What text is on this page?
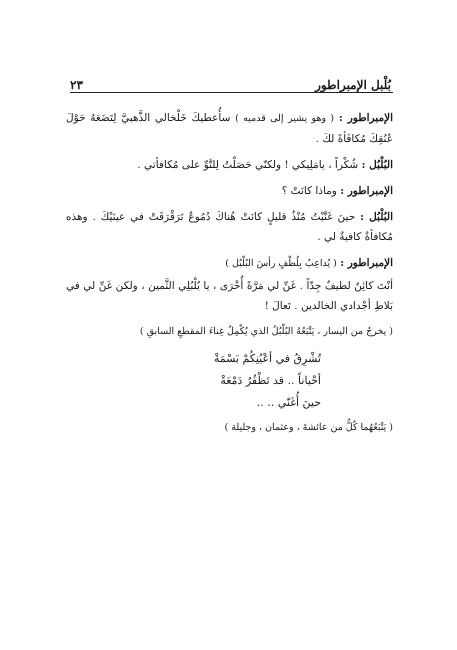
بُلْبل الإمبراطور
٢٣

الإمبراطور : ( وهو يشير إلى قدميه ) سأُعطيكَ خَلْخالي الذَّهبيَّ لِتَضَعَهُ حَوْلَ عُنُقِكَ مُكافَأةً لكَ .

البُلْبُل : شُكْراً ، يامَلِيكي ! ولكنّي حَصَلْتُ لِلتَّوِّ على مُكافأتي .

الإمبراطور : وماذا كانَتْ ؟

البُلْبُل : حينَ غَنَّيْتُ مُنْذُ قليلٍ كانَتْ هُناكَ دُمُوعٌ تَرَقْرَقَتْ في عينَيْكَ . وهذه مُكافأةٌ كافيةٌ لي .

الإمبراطور : ( يُداعِبُ بِلُطْفٍ رأسَ البُلْبُل )

أنْتَ كائِنٌ لطيفٌ جِدّاً . غَنِّ لي مَرَّةً أُخْرَى ، يا بُلْبُلِي الثَّمين ، ولكن غَنِّ لي في بَلاطِ أجْدادي الخالدين . تَعالَ !

( يخرجُ من اليسار ، يَتْبَعُهُ البُلْبُلُ الذي يُكْمِلُ غِناءَ المقطعِ السابقِ )

تُشْرِقُ في أعْيُنِكُمْ بَسْمَةْ
أحْياناً .. قد تَظْفُرُ دَمْعَةْ
حينَ أُغَنّي .. ..

( يَتْبَعُهُما كُلٌّ من عائشةَ ، وعثمان ، وجليلة )
